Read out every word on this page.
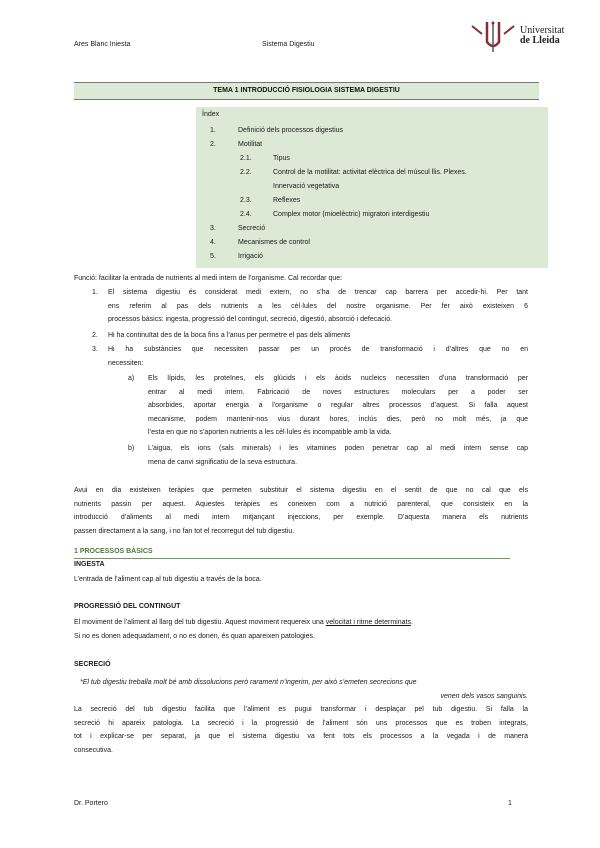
Ares Blanc Iniesta	Sistema Digestiu
Universitat
de Lleida
TEMA 1 INTRODUCCIÓ FISIOLOGIA SISTEMA DIGESTIU
Índex
1.	Definició dels processos digestius
2.	Motilitat
2.1.	Tipus
2.2.	Control de la motilitat: activitat elèctrica del múscul llis. Plexes.
Innervació vegetativa
2.3.	Reflexes
2.4.	Complex motor (mioelèctric) migratori interdigestiu
3.	Secreció
4.	Mecanismes de control
5.	Irrigació
Funció: facilitar la entrada de nutrients al medi intern de l’organisme. Cal recordar que:
1. El sistema digestiu és considerat medi extern, no s’ha de trencar cap barrera per accedir-hi. Per tant
ens referim al pas dels nutrients a les cèl·lules del nostre organisme. Per fer això existeixen 6
processos bàsics: ingesta, progressió del contingut, secreció, digestió, absorció i defecació.
2. Hi ha continuïtat des de la boca fins a l’anus per permetre el pas dels aliments
3. Hi ha substàncies que necessiten passar per un procés de transformació i d’altres que no en
necessiten:
a) Els lípids, les proteïnes, els glúcids i els àcids nucleics necessiten d’una transformació per
entrar al medi intern. Fabricació de noves estructures moleculars per a poder ser
absorbides, aportar energia a l’organisme o regular altres processos d’aquest. Si falla aquest
mecanisme, podem mantenir-nos vius durant hores, inclús dies, però no molt més, ja que
l’esta en que no s’aporten nutrients a les cèl·lules és incompatible amb la vida.
b) L’aigua, els ions (sals minerals) i les vitamines poden penetrar cap al medi intern sense cap
mena de canvi significatiu de la seva estructura.
Avui en dia existeixen teràpies que permeten substituir el sistema digestiu en el sentit de que no cal que els
nutrients passin per aquest. Aquestes teràpies es coneixen com a nutrició parenteral, que consisteix en la
introducció d’aliments al medi intern mitjançant injeccions, per exemple. D’aquesta manera els nutrients
passen directament a la sang, i no fan tot el recorregut del tub digestiu.
1 PROCESSOS BÀSICS
INGESTA
L’entrada de l’aliment cap al tub digestiu a través de la boca.
PROGRESSIÓ DEL CONTINGUT
El moviment de l’aliment al llarg del tub digestiu. Aquest moviment requereix una velocitat i ritme determinats.
Si no es donen adequadament, o no es donen, és quan apareixen patologies.
SECRECIÓ
*El tub digestiu treballa molt bé amb dissolucions però rarament n’ingerim, per això s’emeten secrecions que
venen dels vasos sanguinis.
La secreció del tub digestiu facilita que l’aliment es pugui transformar i desplaçar pel tub digestiu. Si falla la
secreció hi apareix patologia. La secreció i la progressió de l’aliment són uns processos que es troben integrats,
tot i explicar-se per separat, ja que el sistema digestiu va fent tots els processos a la vegada i de manera
consecutiva.
Dr. Portero	1
